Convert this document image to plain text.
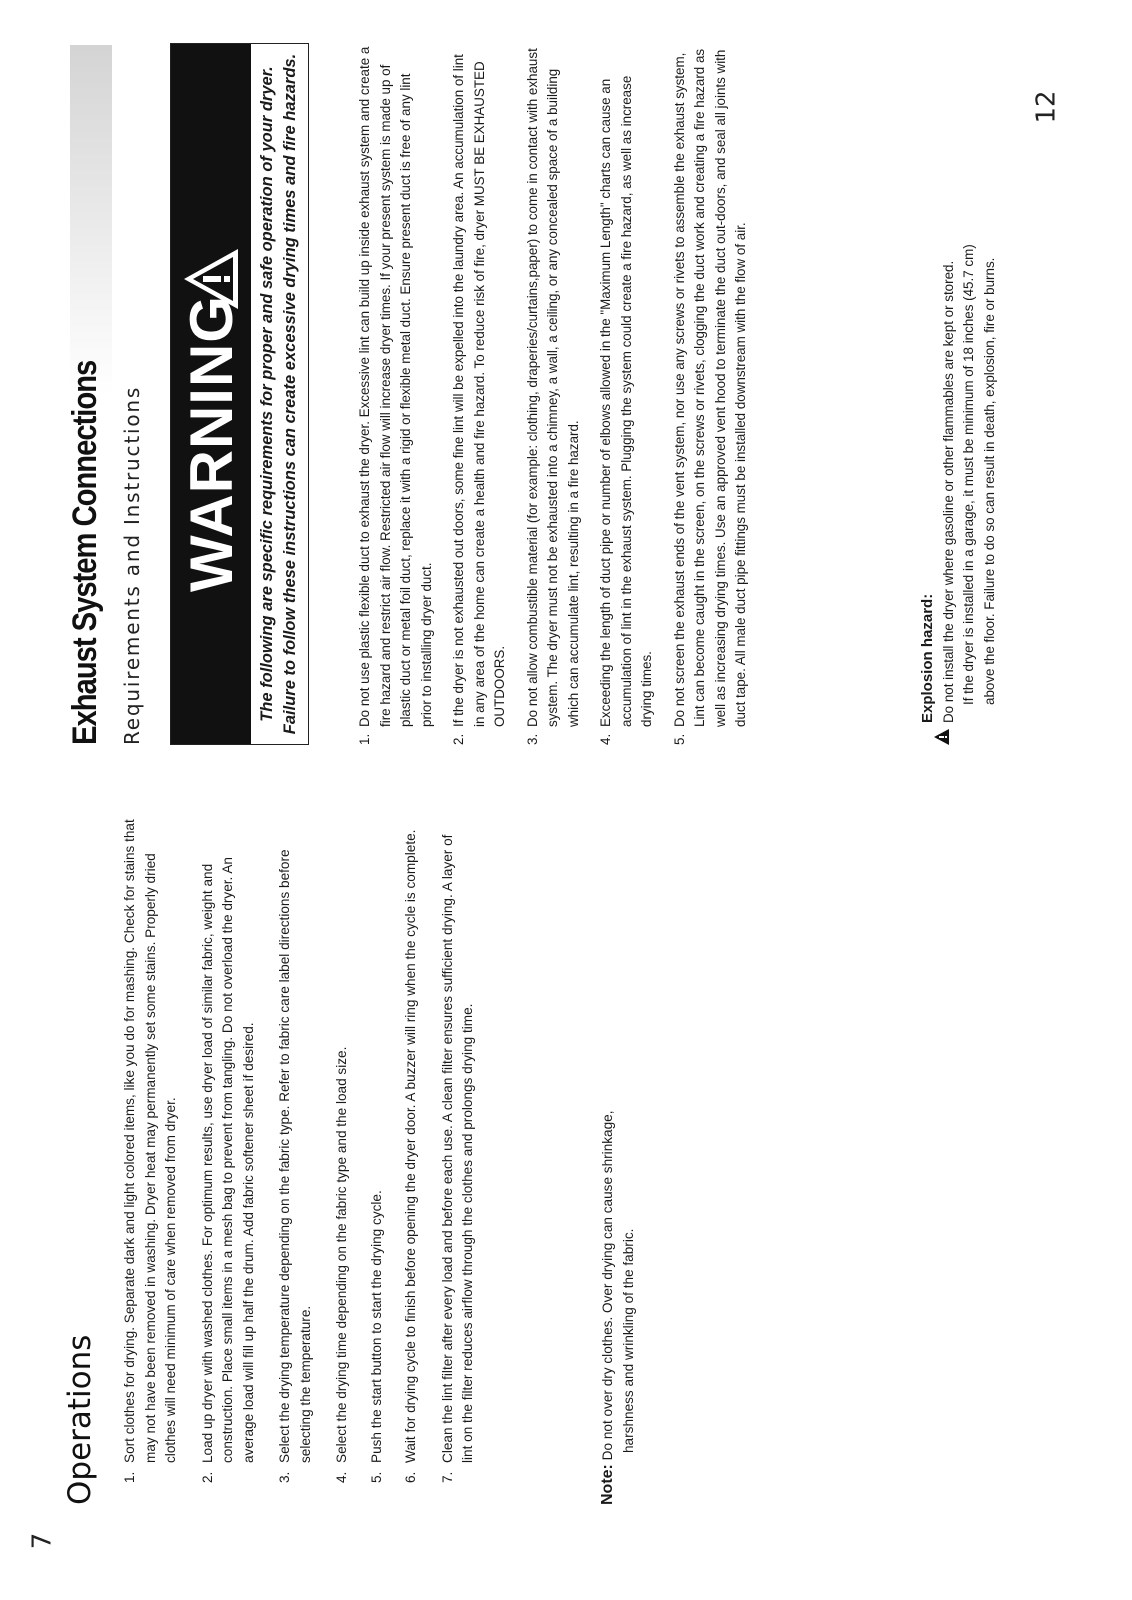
7
12
Operations 1.
Sort clothes for drying. Separate dark and light colored items, like you do for mashing. Check for stains that may not have been removed in washing. Dryer heat may permanently set some stains. Properly dried clothes will need minimum of care when removed from dryer.
2.
Load up dryer with washed clothes. For optimum results, use dryer load of similar fabric, weight and construction. Place small items in a mesh bag to prevent from tangling. Do not overload the dryer. An average load will fill up half the drum. Add fabric softener sheet if desired.
3.
Select the drying temperature depending on the fabric type. Refer to fabric care label directions before selecting the temperature.
4.
Select the drying time depending on the fabric type and the load size.
5.
Push the start button to start the drying cycle.
6.
Wait for drying cycle to finish before opening the dryer door. A buzzer will ring when the cycle is complete.
7.
Clean the lint filter after every load and before each use. A clean filter ensures sufficient drying. A layer of lint on the filter reduces airflow through the clothes and prolongs drying time.
Note: Do not over dry clothes. Over drying can cause shrinkage, harshness and wrinkling of the fabric.
Exhaust System Connections Requirements and Instructions WARNING The following are specific requirements for proper and safe operation of your dryer. Failure to follow these instructions can create excessive drying times and fire hazards.
1.
Do not use plastic flexible duct to exhaust the dryer. Excessive lint can build up inside exhaust system and create a fire hazard and restrict air flow. Restricted air flow will increase dryer times. If your present system is made up of plastic duct or metal foil duct, replace it with a rigid or flexible metal duct. Ensure present duct is free of any lint prior to installing dryer duct.
2.
If the dryer is not exhausted out doors, some fine lint will be expelled into the laundry area. An accumulation of lint in any area of the home can create a health and fire hazard. To reduce risk of fire, dryer MUST BE EXHAUSTED OUTDOORS.
3.
Do not allow combustible material (for example: clothing, draperies/curtains,paper) to come in contact with exhaust system. The dryer must not be exhausted into a chimney, a wall, a ceiling, or any concealed space of a building which can accumulate lint, resulting in a fire hazard.
4.
Exceeding the length of duct pipe or number of elbows allowed in the "Maximum Length" charts can cause an accumulation of lint in the exhaust system. Plugging the system could create a fire hazard, as well as increase drying times.
5.
Do not screen the exhaust ends of the vent system, nor use any screws or rivets to assemble the exhaust system, Lint can become caught in the screen, on the screws or rivets, clogging the duct work and creating a fire hazard as well as increasing drying times. Use an approved vent hood to terminate the duct out-doors, and seal all joints with duct tape. All male duct pipe fittings must be installed downstream with the flow of air.	Explosion hazard: Do not install the dryer where gasoline or other flammables are kept or stored. If the dryer is installed in a garage, it must be minimum of 18 inches (45.7 cm) above the floor. Failure to do so can result in death, explosion, fire or burns.
